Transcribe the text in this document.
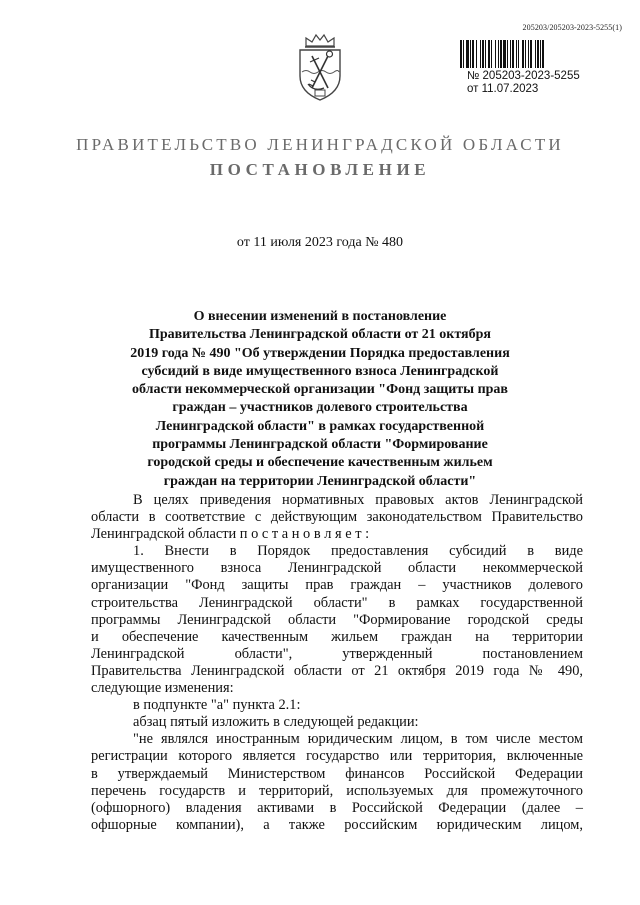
205203/205203-2023-5255(1)
№ 205203-2023-5255
от 11.07.2023
ПРАВИТЕЛЬСТВО ЛЕНИНГРАДСКОЙ ОБЛАСТИ
ПОСТАНОВЛЕНИЕ
от 11 июля 2023 года № 480
О внесении изменений в постановление
Правительства Ленинградской области от 21 октября
2019 года № 490 "Об утверждении Порядка предоставления
субсидий в виде имущественного взноса Ленинградской
области некоммерческой организации "Фонд защиты прав
граждан – участников долевого строительства
Ленинградской области" в рамках государственной
программы Ленинградской области "Формирование
городской среды и обеспечение качественным жильем
граждан на территории Ленинградской области"
В целях приведения нормативных правовых актов Ленинградской
области в соответствие с действующим законодательством Правительство
Ленинградской области п о с т а н о в л я е т :
1. Внести в Порядок предоставления субсидий в виде
имущественного взноса Ленинградской области некоммерческой
организации "Фонд защиты прав граждан – участников долевого
строительства Ленинградской области" в рамках государственной
программы Ленинградской области "Формирование городской среды
и обеспечение качественным жильем граждан на территории
Ленинградской области", утвержденный постановлением
Правительства Ленинградской области от 21 октября 2019 года № 490,
следующие изменения:
в подпункте "а" пункта 2.1:
абзац пятый изложить в следующей редакции:
"не являлся иностранным юридическим лицом, в том числе местом
регистрации которого является государство или территория, включенные
в утверждаемый Министерством финансов Российской Федерации
перечень государств и территорий, используемых для промежуточного
(офшорного) владения активами в Российской Федерации (далее –
офшорные компании), а также российским юридическим лицом,
